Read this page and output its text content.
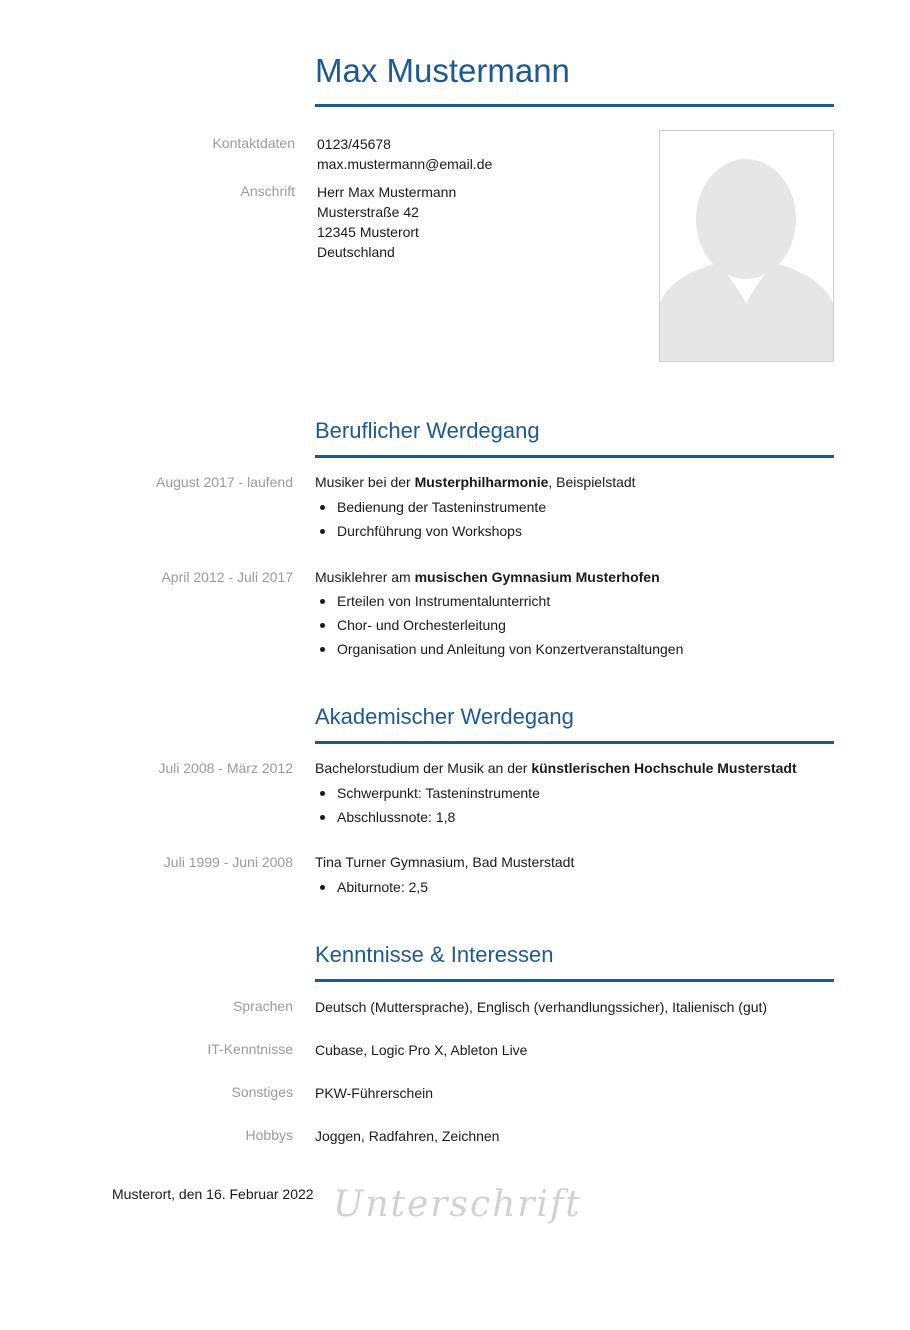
Max Mustermann
Kontaktdaten 0123/45678
max.mustermann@email.de
Anschrift Herr Max Mustermann
Musterstraße 42
12345 Musterort
Deutschland
Beruflicher Werdegang
August 2017 - laufend Musiker bei der Musterphilharmonie, Beispielstadt
Bedienung der Tasteninstrumente
Durchführung von Workshops
April 2012 - Juli 2017 Musiklehrer am musischen Gymnasium Musterhofen
Erteilen von Instrumentalunterricht
Chor- und Orchesterleitung
Organisation und Anleitung von Konzertveranstaltungen
Akademischer Werdegang
Juli 2008 - März 2012 Bachelorstudium der Musik an der künstlerischen Hochschule Musterstadt
Schwerpunkt: Tasteninstrumente
Abschlussnote: 1,8
Juli 1999 - Juni 2008 Tina Turner Gymnasium, Bad Musterstadt
Abiturnote: 2,5
Kenntnisse & Interessen
Sprachen Deutsch (Muttersprache), Englisch (verhandlungssicher), Italienisch (gut)
IT-Kenntnisse Cubase, Logic Pro X, Ableton Live
Sonstiges PKW-Führerschein
Hobbys Joggen, Radfahren, Zeichnen
Musterort, den 16. Februar 2022 Unterschrift
